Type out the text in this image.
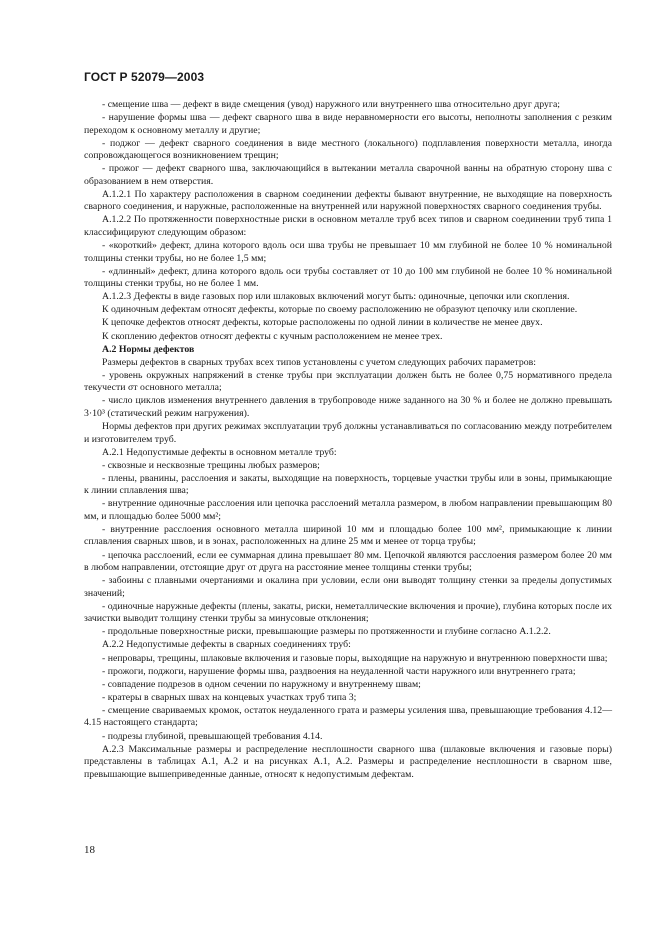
ГОСТ Р 52079—2003

- смещение шва — дефект в виде смещения (увод) наружного или внутреннего шва относительно друг друга;

- нарушение формы шва — дефект сварного шва в виде неравномерности его высоты, неполноты заполнения с резким переходом к основному металлу и другие;

- поджог — дефект сварного соединения в виде местного (локального) подплавления поверхности металла, иногда сопровождающегося возникновением трещин;

- прожог — дефект сварного шва, заключающийся в вытекании металла сварочной ванны на обратную сторону шва с образованием в нем отверстия.

А.1.2.1 По характеру расположения в сварном соединении дефекты бывают внутренние, не выходящие на поверхность сварного соединения, и наружные, расположенные на внутренней или наружной поверхностях сварного соединения трубы.

А.1.2.2 По протяженности поверхностные риски в основном металле труб всех типов и сварном соединении труб типа 1 классифицируют следующим образом:

- «короткий» дефект, длина которого вдоль оси шва трубы не превышает 10 мм глубиной не более 10 % номинальной толщины стенки трубы, но не более 1,5 мм;

- «длинный» дефект, длина которого вдоль оси трубы составляет от 10 до 100 мм глубиной не более 10 % номинальной толщины стенки трубы, но не более 1 мм.

А.1.2.3 Дефекты в виде газовых пор или шлаковых включений могут быть: одиночные, цепочки или скопления.

К одиночным дефектам относят дефекты, которые по своему расположению не образуют цепочку или скопление.

К цепочке дефектов относят дефекты, которые расположены по одной линии в количестве не менее двух.

К скоплению дефектов относят дефекты с кучным расположением не менее трех.

А.2 Нормы дефектов

Размеры дефектов в сварных трубах всех типов установлены с учетом следующих рабочих параметров:

- уровень окружных напряжений в стенке трубы при эксплуатации должен быть не более 0,75 нормативного предела текучести σт основного металла;

- число циклов изменения внутреннего давления в трубопроводе ниже заданного на 30 % и более не должно превышать 3·10³ (статический режим нагружения).

Нормы дефектов при других режимах эксплуатации труб должны устанавливаться по согласованию между потребителем и изготовителем труб.

А.2.1 Недопустимые дефекты в основном металле труб:

- сквозные и несквозные трещины любых размеров;

- плены, рванины, расслоения и закаты, выходящие на поверхность, торцевые участки трубы или в зоны, примыкающие к линии сплавления шва;

- внутренние одиночные расслоения или цепочка расслоений металла размером, в любом направлении превышающим 80 мм, и площадью более 5000 мм²;

- внутренние расслоения основного металла шириной 10 мм и площадью более 100 мм², примыкающие к линии сплавления сварных швов, и в зонах, расположенных на длине 25 мм и менее от торца трубы;

- цепочка расслоений, если ее суммарная длина превышает 80 мм. Цепочкой являются расслоения размером более 20 мм в любом направлении, отстоящие друг от друга на расстояние менее толщины стенки трубы;

- забоины с плавными очертаниями и окалина при условии, если они выводят толщину стенки за пределы допустимых значений;

- одиночные наружные дефекты (плены, закаты, риски, неметаллические включения и прочие), глубина которых после их зачистки выводит толщину стенки трубы за минусовые отклонения;

- продольные поверхностные риски, превышающие размеры по протяженности и глубине согласно А.1.2.2.

А.2.2 Недопустимые дефекты в сварных соединениях труб:

- непровары, трещины, шлаковые включения и газовые поры, выходящие на наружную и внутреннюю поверхности шва;

- прожоги, поджоги, нарушение формы шва, раздвоения на неудаленной части наружного или внутреннего грата;

- совпадение подрезов в одном сечении по наружному и внутреннему швам;

- кратеры в сварных швах на концевых участках труб типа 3;

- смещение свариваемых кромок, остаток неудаленного грата и размеры усиления шва, превышающие требования 4.12—4.15 настоящего стандарта;

- подрезы глубиной, превышающей требования 4.14.

А.2.3 Максимальные размеры и распределение несплошности сварного шва (шлаковые включения и газовые поры) представлены в таблицах А.1, А.2 и на рисунках А.1, А.2. Размеры и распределение несплошности в сварном шве, превышающие вышеприведенные данные, относят к недопустимым дефектам.

18
